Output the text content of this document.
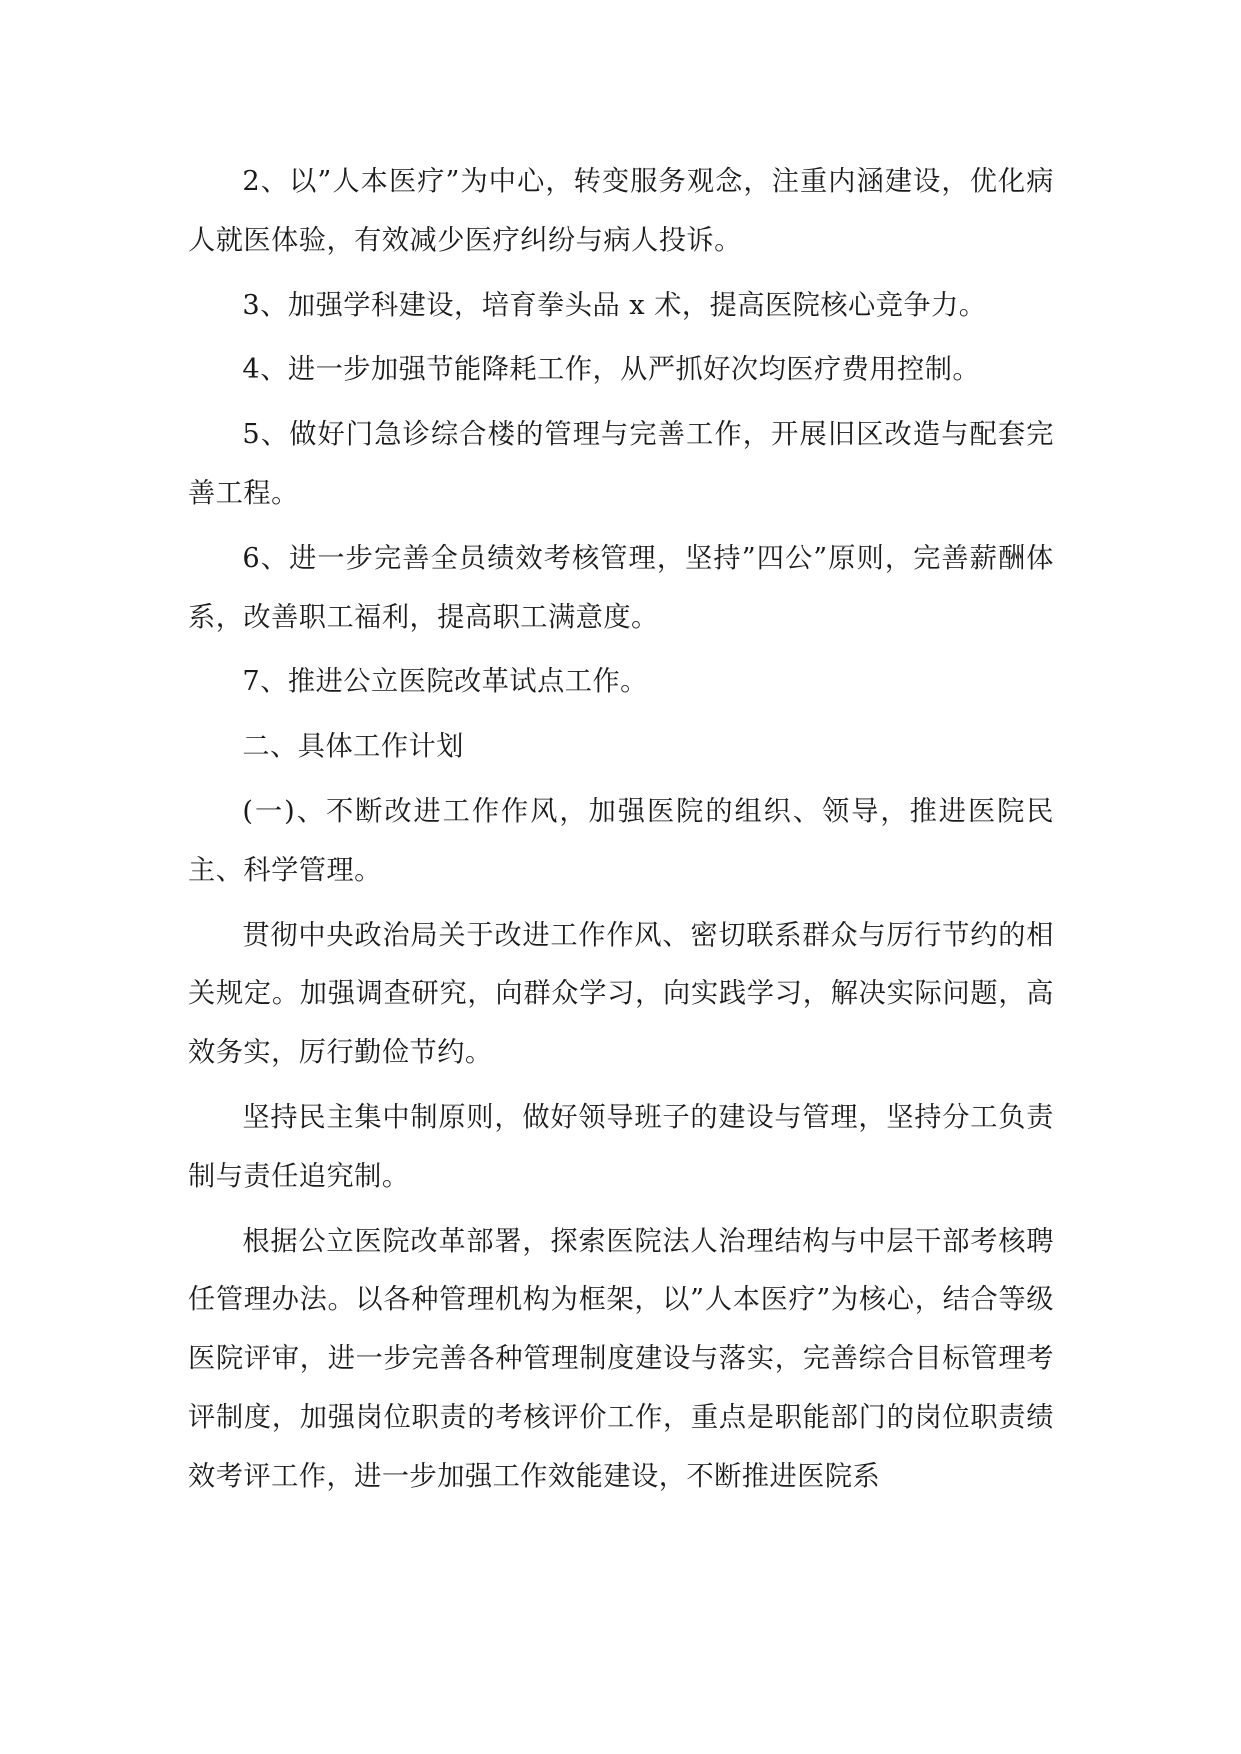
2、以”人本医疗”为中心，转变服务观念，注重内涵建设，优化病人就医体验，有效减少医疗纠纷与病人投诉。

3、加强学科建设，培育拳头品 x 术，提高医院核心竞争力。

4、进一步加强节能降耗工作，从严抓好次均医疗费用控制。

5、做好门急诊综合楼的管理与完善工作，开展旧区改造与配套完善工程。

6、进一步完善全员绩效考核管理，坚持”四公”原则，完善薪酬体系，改善职工福利，提高职工满意度。

7、推进公立医院改革试点工作。

二、具体工作计划

(一)、不断改进工作作风，加强医院的组织、领导，推进医院民主、科学管理。

贯彻中央政治局关于改进工作作风、密切联系群众与厉行节约的相关规定。加强调查研究，向群众学习，向实践学习，解决实际问题，高效务实，厉行勤俭节约。

坚持民主集中制原则，做好领导班子的建设与管理，坚持分工负责制与责任追究制。

根据公立医院改革部署，探索医院法人治理结构与中层干部考核聘任管理办法。以各种管理机构为框架，以”人本医疗”为核心，结合等级医院评审，进一步完善各种管理制度建设与落实，完善综合目标管理考评制度，加强岗位职责的考核评价工作，重点是职能部门的岗位职责绩效考评工作，进一步加强工作效能建设，不断推进医院系
